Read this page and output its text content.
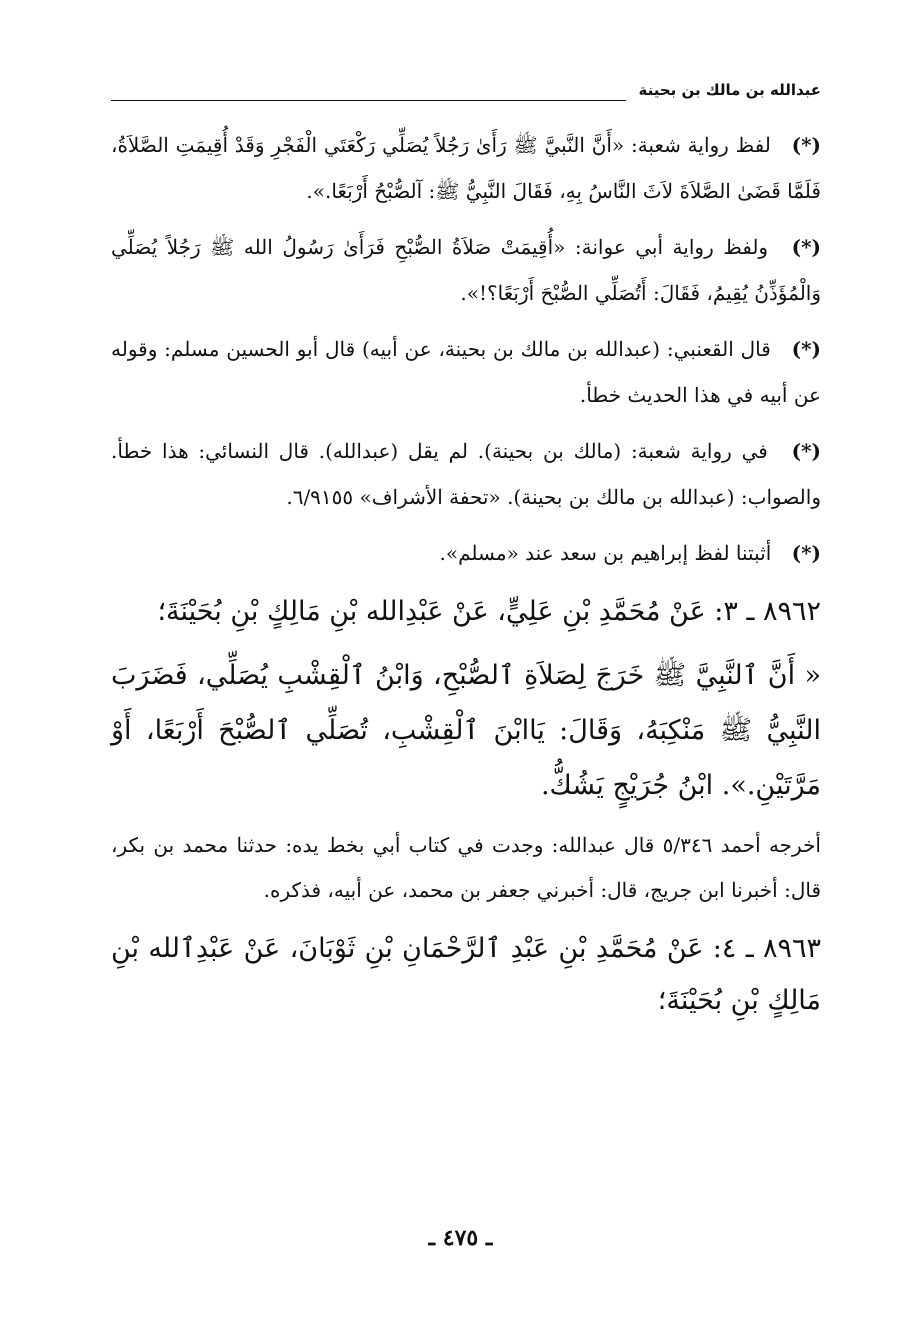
عبدالله بن مالك بن بحينة

(*) لفظ رواية شعبة: «أَنَّ النَّبيَّ ﷺ رَأَىٰ رَجُلاً يُصَلِّي رَكْعَتَي الْفَجْرِ وَقَدْ أُقِيمَتِ الصَّلاَةُ، فَلَمَّا قَضَىٰ الصَّلاَةَ لاَثَ النَّاسُ بِهِ، فَقَالَ النَّبِيُّ ﷺ: آلصُّبْحُ أَرْبَعًا.».

(*) ولفظ رواية أبي عوانة: «أُقِيمَتْ صَلاَةُ الصُّبْحِ فَرَأَىٰ رَسُولُ الله ﷺ رَجُلاً يُصَلِّي وَالْمُؤَذِّنُ يُقِيمُ، فَقَالَ: أَتُصَلِّي الصُّبْحَ أَرْبَعًا؟!».

(*) قال القعنبي: (عبدالله بن مالك بن بحينة، عن أبيه) قال أبو الحسين مسلم: وقوله عن أبيه في هذا الحديث خطأ.

(*) في رواية شعبة: (مالك بن بحينة). لم يقل (عبدالله). قال النسائي: هذا خطأ. والصواب: (عبدالله بن مالك بن بحينة). «تحفة الأشراف» ٦/٩١٥٥.

(*) أثبتنا لفظ إبراهيم بن سعد عند «مسلم».

٨٩٦٢ ـ ٣: عَنْ مُحَمَّدِ بْنِ عَلِيٍّ، عَنْ عَبْدِالله بْنِ مَالِكٍ بْنِ بُحَيْنَةَ؛

« أَنَّ ٱلنَّبِيَّ ﷺ خَرَجَ لِصَلاَةِ ٱلصُّبْحِ، وَابْنُ ٱلْقِشْبِ يُصَلِّي، فَضَرَبَ النَّبِيُّ ﷺ مَنْكِبَهُ، وَقَالَ: يَاابْنَ ٱلْقِشْبِ، تُصَلِّي ٱلصُّبْحَ أَرْبَعًا، أَوْ مَرَّتَيْنِ.». ابْنُ جُرَيْجٍ يَشُكُّ.

أخرجه أحمد ٥/٣٤٦ قال عبدالله: وجدت في كتاب أبي بخط يده: حدثنا محمد بن بكر، قال: أخبرنا ابن جريج، قال: أخبرني جعفر بن محمد، عن أبيه، فذكره.

٨٩٦٣ ـ ٤: عَنْ مُحَمَّدِ بْنِ عَبْدِ ٱلرَّحْمَانِ بْنِ ثَوْبَانَ، عَنْ عَبْدِٱلله بْنِ مَالِكٍ بْنِ بُحَيْنَةَ؛

ـ ٤٧٥ ـ
